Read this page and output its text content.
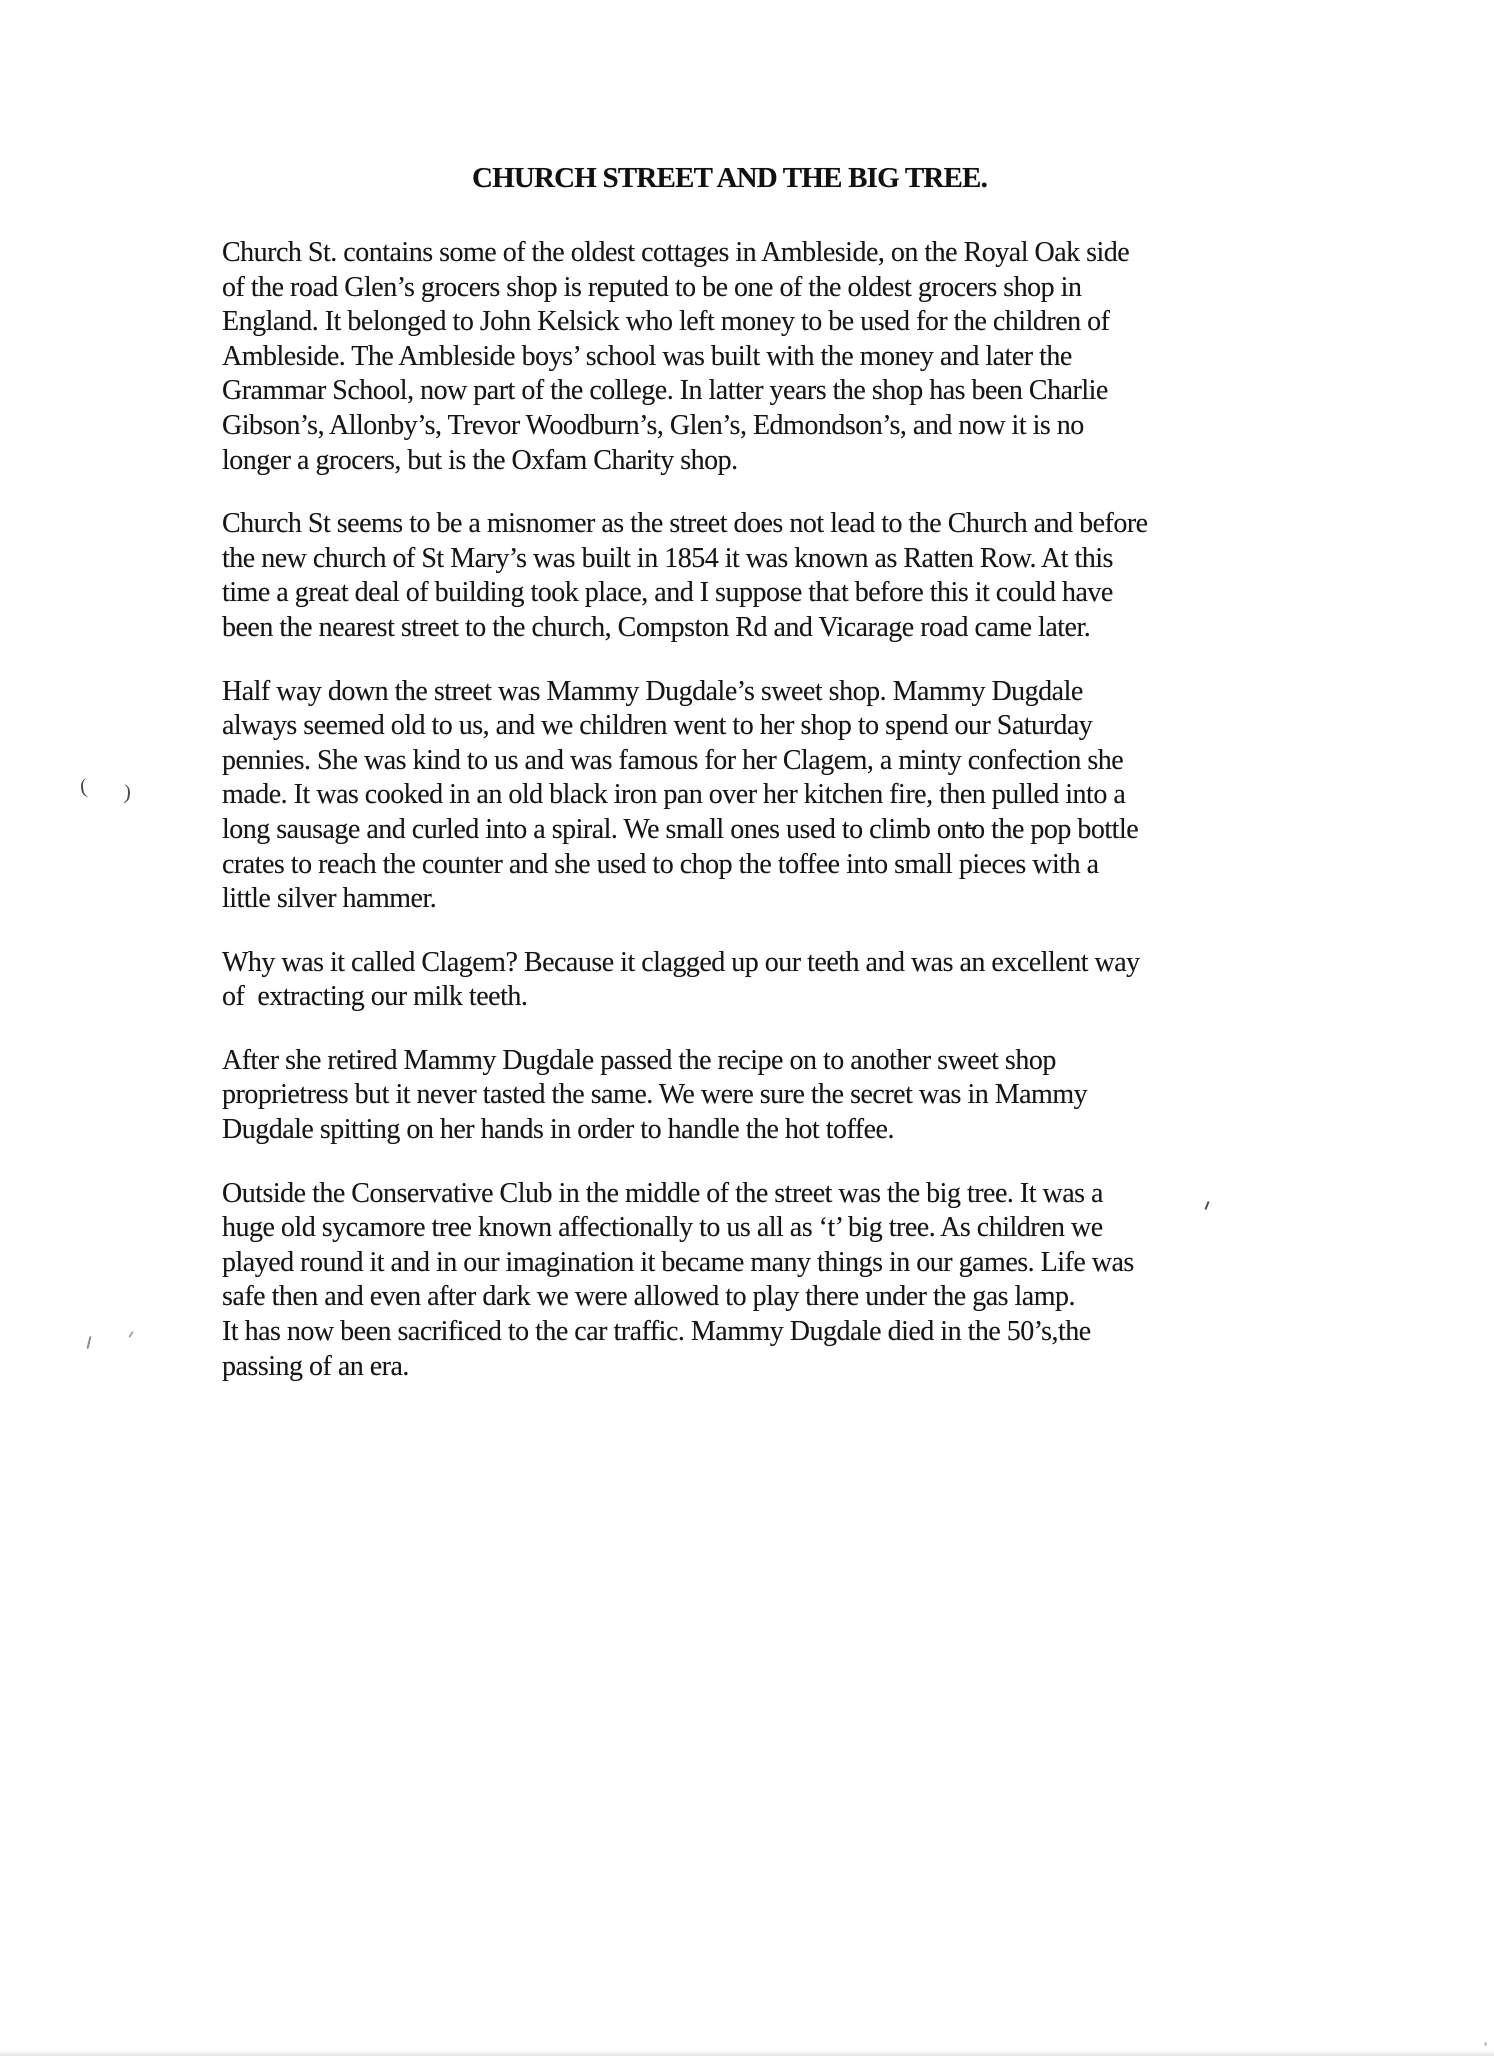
CHURCH STREET AND THE BIG TREE.

Church St. contains some of the oldest cottages in Ambleside, on the Royal Oak side
of the road Glen’s grocers shop is reputed to be one of the oldest grocers shop in
England. It belonged to John Kelsick who left money to be used for the children of
Ambleside. The Ambleside boys’ school was built with the money and later the
Grammar School, now part of the college. In latter years the shop has been Charlie
Gibson’s, Allonby’s, Trevor Woodburn’s, Glen’s, Edmondson’s, and now it is no
longer a grocers, but is the Oxfam Charity shop.

Church St seems to be a misnomer as the street does not lead to the Church and before
the new church of St Mary’s was built in 1854 it was known as Ratten Row. At this
time a great deal of building took place, and I suppose that before this it could have
been the nearest street to the church, Compston Rd and Vicarage road came later.

Half way down the street was Mammy Dugdale’s sweet shop. Mammy Dugdale
always seemed old to us, and we children went to her shop to spend our Saturday
pennies. She was kind to us and was famous for her Clagem, a minty confection she
made. It was cooked in an old black iron pan over her kitchen fire, then pulled into a
long sausage and curled into a spiral. We small ones used to climb ont̵o the pop bottle
crates to reach the counter and she used to chop the toffee into small pieces with a
little silver hammer.

Why was it called Clagem? Because it clagged up our teeth and was an excellent way
of  extracting our milk teeth.

After she retired Mammy Dugdale passed the recipe on to another sweet shop
proprietress but it never tasted the same. We were sure the secret was in Mammy
Dugdale spitting on her hands in order to handle the hot toffee.

Outside the Conservative Club in the middle of the street was the big tree. It was a
huge old sycamore tree known affectionally to us all as ‘t’ big tree. As children we
played round it and in our imagination it became many things in our games. Life was
safe then and even after dark we were allowed to play there under the gas lamp.
It has now been sacrificed to the car traffic. Mammy Dugdale died in the 50’s,the
passing of an era.

( )
